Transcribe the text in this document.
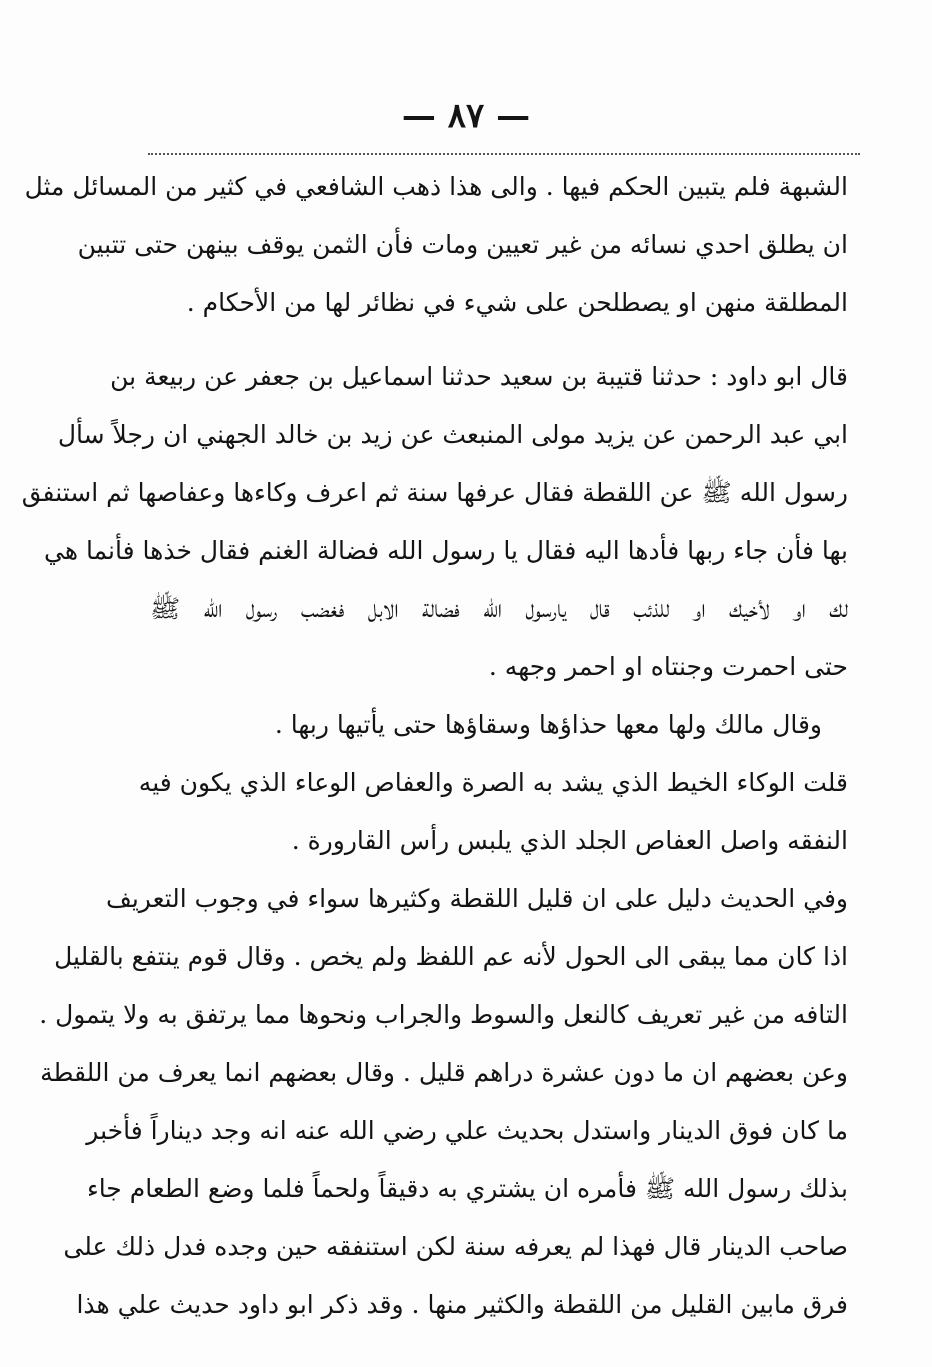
— ٨٧ —
الشبهة فلم يتبين الحكم فيها . والى هذا ذهب الشافعي في كثير من المسائل مثل
ان يطلق احدي نسائه من غير تعيين ومات فأن الثمن يوقف بينهن حتى تتبين
المطلقة منهن او يصطلحن على شيء في نظائر لها من الأحكام .
قال ابو داود : حدثنا قتيبة بن سعيد حدثنا اسماعيل بن جعفر عن ربيعة بن
ابي عبد الرحمن عن يزيد مولى المنبعث عن زيد بن خالد الجهني ان رجلاً سأل
رسول الله ﷺ عن اللقطة فقال عرفها سنة ثم اعرف وكاءها وعفاصها ثم استنفق
بها فأن جاء ربها فأدها اليه فقال يا رسول الله فضالة الغنم فقال خذها فأنما هي
لك او لأخيك او للذئب قال يارسول الله فضالة الابل فغضب رسول الله ﷺ
حتى احمرت وجنتاه او احمر وجهه .
وقال مالك ولها معها حذاؤها وسقاؤها حتى يأتيها ربها .
قلت الوكاء الخيط الذي يشد به الصرة والعفاص الوعاء الذي يكون فيه
النفقه واصل العفاص الجلد الذي يلبس رأس القارورة .
وفي الحديث دليل على ان قليل اللقطة وكثيرها سواء في وجوب التعريف
اذا كان مما يبقى الى الحول لأنه عم اللفظ ولم يخص . وقال قوم ينتفع بالقليل
التافه من غير تعريف كالنعل والسوط والجراب ونحوها مما يرتفق به ولا يتمول .
وعن بعضهم ان ما دون عشرة دراهم قليل . وقال بعضهم انما يعرف من اللقطة
ما كان فوق الدينار واستدل بحديث علي رضي الله عنه انه وجد ديناراً فأخبر
بذلك رسول الله ﷺ فأمره ان يشتري به دقيقاً ولحماً فلما وضع الطعام جاء
صاحب الدينار قال فهذا لم يعرفه سنة لكن استنفقه حين وجده فدل ذلك على
فرق مابين القليل من اللقطة والكثير منها . وقد ذكر ابو داود حديث علي هذا
